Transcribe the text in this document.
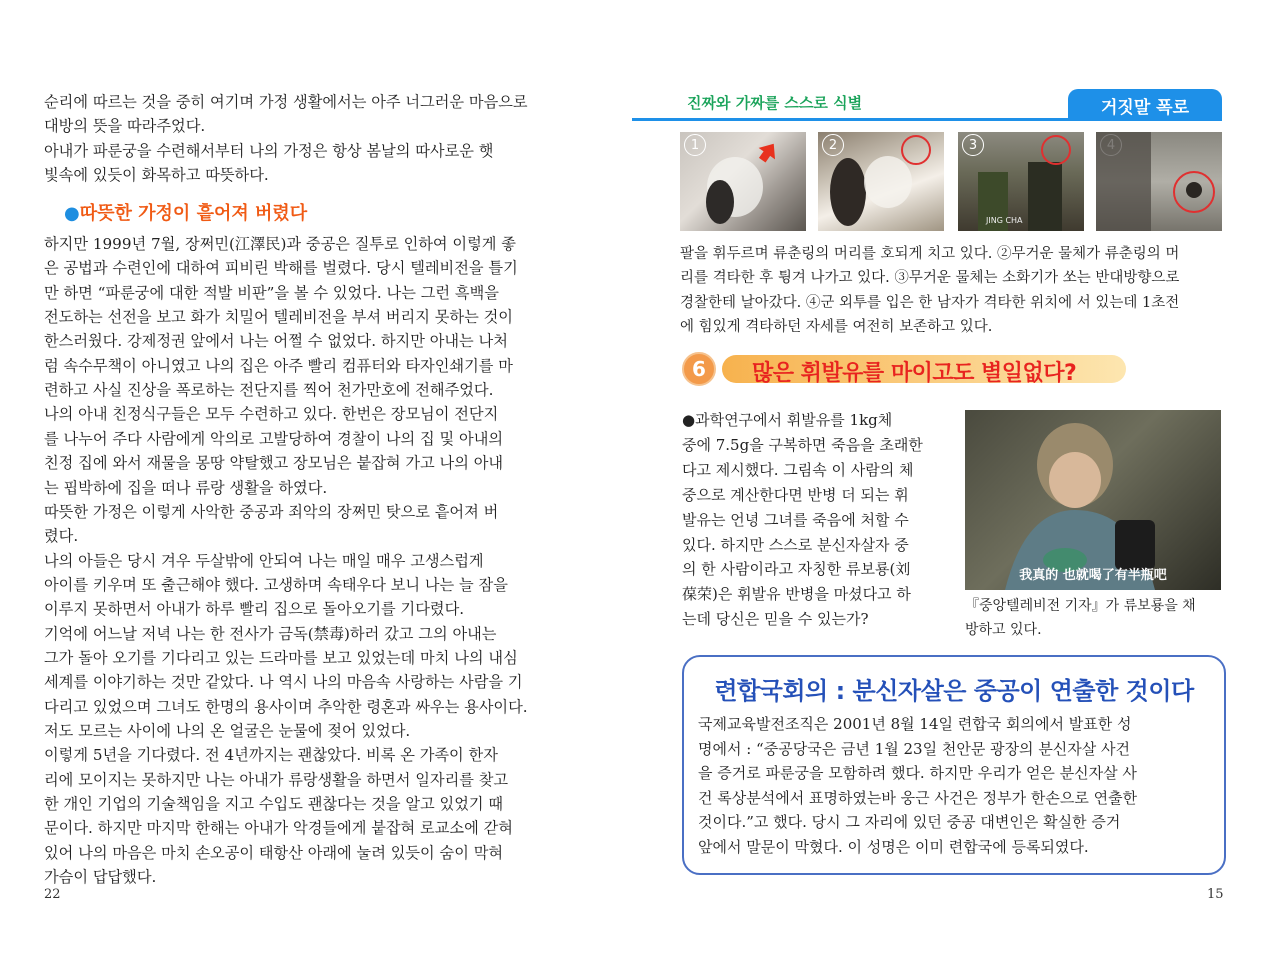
순리에 따르는 것을 중히 여기며 가정 생활에서는 아주 너그러운 마음으로

대방의 뜻을 따라주었다.

아내가 파룬궁을 수련해서부터 나의 가정은 항상 봄날의 따사로운 햇

빛속에 있듯이 화목하고 따뜻하다.

●따뜻한 가정이 흩어져 버렸다

하지만 1999년 7월, 장쩌민(江澤民)과 중공은 질투로 인하여 이렇게 좋

은 공법과 수련인에 대하여 피비린 박해를 벌렸다. 당시 텔레비전을 틀기

만 하면 “파룬궁에 대한 적발 비판”을 볼 수 있었다. 나는 그런 흑백을

전도하는 선전을 보고 화가 치밀어 텔레비전을 부셔 버리지 못하는 것이

한스러웠다. 강제정권 앞에서 나는 어쩔 수 없었다. 하지만 아내는 나처

럼 속수무책이 아니였고 나의 집은 아주 빨리 컴퓨터와 타자인쇄기를 마

련하고 사실 진상을 폭로하는 전단지를 찍어 천가만호에 전해주었다.

나의 아내 친정식구들은 모두 수련하고 있다. 한번은 장모님이 전단지

를 나누어 주다 사람에게 악의로 고발당하여 경찰이 나의 집 및 아내의

친정 집에 와서 재물을 몽땅 약탈했고 장모님은 붙잡혀 가고 나의 아내

는 핍박하에 집을 떠나 류랑 생활을 하였다.

따뜻한 가정은 이렇게 사악한 중공과 죄악의 장쩌민 탓으로 흩어져 버

렸다.

나의 아들은 당시 겨우 두살밖에 안되여 나는 매일 매우 고생스럽게

아이를 키우며 또 출근해야 했다. 고생하며 속태우다 보니 나는 늘 잠을

이루지 못하면서 아내가 하루 빨리 집으로 돌아오기를 기다렸다.

기억에 어느날 저녁 나는 한 전사가 금독(禁毒)하러 갔고 그의 아내는

그가 돌아 오기를 기다리고 있는 드라마를 보고 있었는데 마치 나의 내심

세계를 이야기하는 것만 같았다. 나 역시 나의 마음속 사랑하는 사람을 기

다리고 있었으며 그녀도 한명의 용사이며 추악한 령혼과 싸우는 용사이다.

저도 모르는 사이에 나의 온 얼굴은 눈물에 젖어 있었다.

이렇게 5년을 기다렸다. 전 4년까지는 괜찮았다. 비록 온 가족이 한자

리에 모이지는 못하지만 나는 아내가 류랑생활을 하면서 일자리를 찾고

한 개인 기업의 기술책임을 지고 수입도 괜찮다는 것을 알고 있었기 때

문이다. 하지만 마지막 한해는 아내가 악경들에게 붙잡혀 로교소에 갇혀

있어 나의 마음은 마치 손오공이 태항산 아래에 눌려 있듯이 숨이 막혀

가슴이 답답했다.

22
진짜와 가짜를 스스로 식별	거짓말 폭로
1	2	3
JING CHA

팔을 휘두르며 류춘링의 머리를 호되게 치고 있다. ②무거운 물체가 류춘링의 머

리를 격타한 후 튕겨 나가고 있다. ③무거운 물체는 소화기가 쏘는 반대방향으로

경찰한테 날아갔다. ④군 외투를 입은 한 남자가 격타한 위치에 서 있는데 1초전

에 힘있게 격타하던 자세를 여전히 보존하고 있다.

6	많은 휘발유를 마이고도 별일없다?

●과학연구에서 휘발유를 1kg체

중에 7.5g을 구복하면 죽음을 초래한

다고 제시했다. 그림속 이 사람의 체

중으로 계산한다면 반병 더 되는 휘

발유는 언녕 그녀를 죽음에 처할 수

있다. 하지만 스스로 분신자살자 중

의 한 사람이라고 자칭한 류보룡(刘

葆荣)은 휘발유 반병을 마셨다고 하

는데 당신은 믿을 수 있는가?

我真的 也就喝了有半瓶吧

『중앙텔레비전 기자』가 류보룡을 채

방하고 있다.

련합국회의 : 분신자살은 중공이 연출한 것이다

국제교육발전조직은 2001년 8월 14일 련합국 회의에서 발표한 성

명에서 : “중공당국은 금년 1월 23일 천안문 광장의 분신자살 사건

을 증거로 파룬궁을 모함하려 했다. 하지만 우리가 얻은 분신자살 사

건 록상분석에서 표명하였는바 웅근 사건은 정부가 한손으로 연출한

것이다.”고 했다. 당시 그 자리에 있던 중공 대변인은 확실한 증거

앞에서 말문이 막혔다. 이 성명은 이미 련합국에 등록되였다.

15
